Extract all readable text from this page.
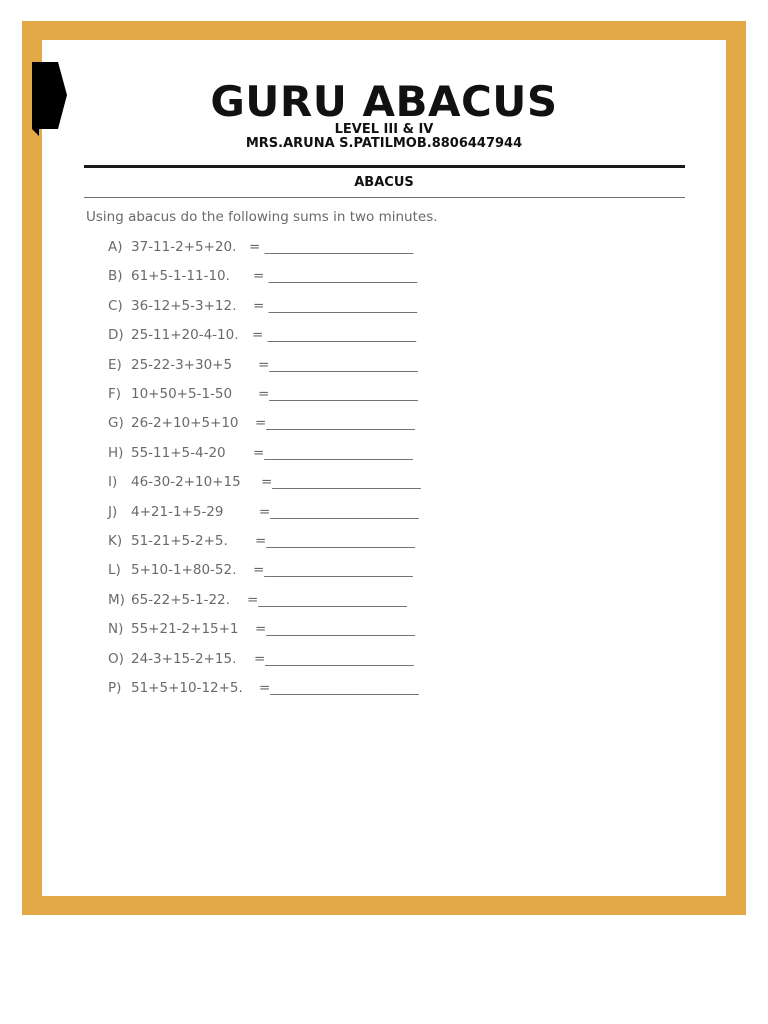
GURU ABACUS
LEVEL III & IV
MRS.ARUNA S.PATILMOB.8806447944
ABACUS
Using abacus do the following sums in two minutes.
A) 37-11-2+5+20. = ______________________
B) 61+5-1-11-10. = ______________________
C) 36-12+5-3+12. = ______________________
D) 25-11+20-4-10. = ______________________
E) 25-22-3+30+5 =______________________
F) 10+50+5-1-50 =______________________
G) 26-2+10+5+10 =______________________
H) 55-11+5-4-20 =______________________
I) 46-30-2+10+15 =______________________
J) 4+21-1+5-29	=______________________
K) 51-21+5-2+5. =______________________
L) 5+10-1+80-52. =______________________
M) 65-22+5-1-22. =______________________
N) 55+21-2+15+1 =______________________
O) 24-3+15-2+15. =______________________
P) 51+5+10-12+5. =______________________
